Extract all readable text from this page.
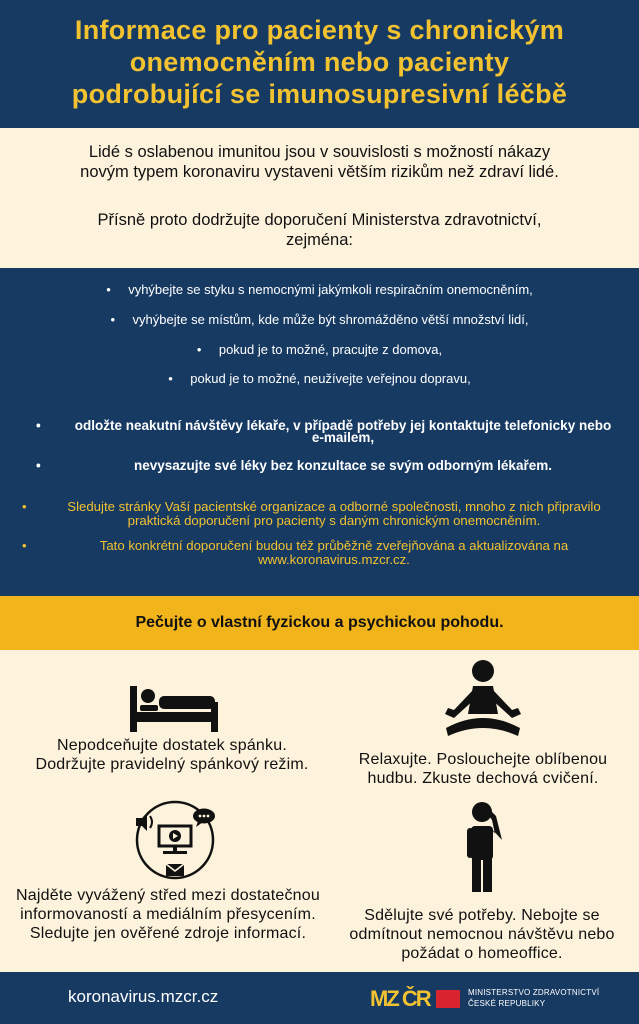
Informace pro pacienty s chronickým
onemocněním nebo pacienty
podrobující se imunosupresivní léčbě
Lidé s oslabenou imunitou jsou v souvislosti s možností nákazy
novým typem koronaviru vystaveni větším rizikům než zdraví lidé.
Přísně proto dodržujte doporučení Ministerstva zdravotnictví,
zejména:
• vyhýbejte se styku s nemocnými jakýmkoli respiračním onemocněním,
• vyhýbejte se místům, kde může být shromážděno větší množství lidí,
• pokud je to možné, pracujte z domova,
• pokud je to možné, neužívejte veřejnou dopravu,
•	odložte neakutní návštěvy lékaře, v případě potřeby jej kontaktujte telefonicky nebo e-mailem,
•	nevysazujte své léky bez konzultace se svým odborným lékařem.
•	Sledujte stránky Vaší pacientské organizace a odborné společnosti, mnoho z nich připravilo praktická doporučení pro pacienty s daným chronickým onemocněním.
•	Tato konkrétní doporučení budou též průběžně zveřejňována a aktualizována na www.koronavirus.mzcr.cz.
Pečujte o vlastní fyzickou a psychickou pohodu.
Nepodceňujte dostatek spánku. Dodržujte pravidelný spánkový režim.	Relaxujte. Poslouchejte oblíbenou hudbu. Zkuste dechová cvičení.
Najděte vyvážený střed mezi dostatečnou informovaností a mediálním přesycením. Sledujte jen ověřené zdroje informací.
Sdělujte své potřeby. Nebojte se odmítnout nemocnou návštěvu nebo požádat o homeoffice.
koronavirus.mzcr.cz	MZ ČR	MINISTERSTVO ZDRAVOTNICTVÍ
ČESKÉ REPUBLIKY
